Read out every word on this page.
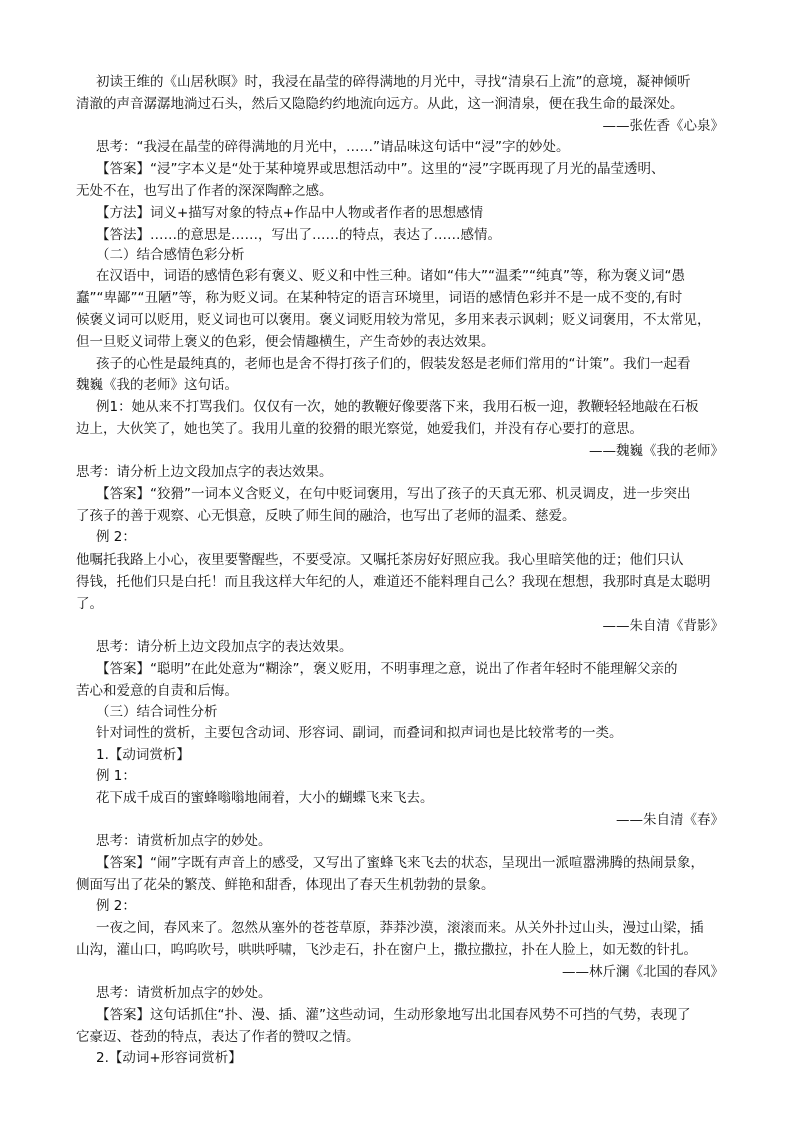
初读王维的《山居秋暝》时，我浸在晶莹的碎得满地的月光中，寻找“清泉石上流”的意境，凝神倾听
清澈的声音潺潺地淌过石头，然后又隐隐约约地流向远方。从此，这一涧清泉，便在我生命的最深处。
——张佐香《心泉》
思考：“我浸在晶莹的碎得满地的月光中，……”请品味这句话中“浸”字的妙处。
【答案】“浸”字本义是“处于某种境界或思想活动中”。这里的“浸”字既再现了月光的晶莹透明、
无处不在，也写出了作者的深深陶醉之感。
【方法】词义+描写对象的特点+作品中人物或者作者的思想感情
【答法】……的意思是……，写出了……的特点，表达了……感情。
（二）结合感情色彩分析
在汉语中，词语的感情色彩有褒义、贬义和中性三种。诸如“伟大”“温柔”“纯真”等，称为褒义词“愚
蠢”“卑鄙”“丑陋”等，称为贬义词。在某种特定的语言环境里，词语的感情色彩并不是一成不变的,有时
候褒义词可以贬用，贬义词也可以褒用。褒义词贬用较为常见，多用来表示讽刺；贬义词褒用，不太常见，
但一旦贬义词带上褒义的色彩，便会情趣横生，产生奇妙的表达效果。
孩子的心性是最纯真的，老师也是舍不得打孩子们的，假装发怒是老师们常用的“计策”。我们一起看
魏巍《我的老师》这句话。
例1：她从来不打骂我们。仅仅有一次，她的教鞭好像要落下来，我用石板一迎，教鞭轻轻地敲在石板
边上，大伙笑了，她也笑了。我用儿童的狡猾的眼光察觉，她爱我们，并没有存心要打的意思。
——魏巍《我的老师》
思考：请分析上边文段加点字的表达效果。
【答案】“狡猾”一词本义含贬义，在句中贬词褒用，写出了孩子的天真无邪、机灵调皮，进一步突出
了孩子的善于观察、心无惧意，反映了师生间的融洽，也写出了老师的温柔、慈爱。
例 2：
他嘱托我路上小心，夜里要警醒些，不要受凉。又嘱托茶房好好照应我。我心里暗笑他的迂；他们只认
得钱，托他们只是白托！而且我这样大年纪的人，难道还不能料理自己么？我现在想想，我那时真是太聪明
了。
——朱自清《背影》
思考：请分析上边文段加点字的表达效果。
【答案】“聪明”在此处意为“糊涂”，褒义贬用，不明事理之意，说出了作者年轻时不能理解父亲的
苦心和爱意的自责和后悔。
（三）结合词性分析
针对词性的赏析，主要包含动词、形容词、副词，而叠词和拟声词也是比较常考的一类。
1.【动词赏析】
例 1：
花下成千成百的蜜蜂嗡嗡地闹着，大小的蝴蝶飞来飞去。
——朱自清《春》
思考：请赏析加点字的妙处。
【答案】“闹”字既有声音上的感受，又写出了蜜蜂飞来飞去的状态，呈现出一派喧嚣沸腾的热闹景象，
侧面写出了花朵的繁茂、鲜艳和甜香，体现出了春天生机勃勃的景象。
例 2：
一夜之间，春风来了。忽然从塞外的苍苍草原，莽莽沙漠，滚滚而来。从关外扑过山头，漫过山梁，插
山沟，灌山口，呜呜吹号，哄哄呼啸，飞沙走石，扑在窗户上，撒拉撒拉，扑在人脸上，如无数的针扎。
——林斤澜《北国的春风》
思考：请赏析加点字的妙处。
【答案】这句话抓住“扑、漫、插、灌”这些动词，生动形象地写出北国春风势不可挡的气势，表现了
它豪迈、苍劲的特点，表达了作者的赞叹之情。
2.【动词+形容词赏析】
